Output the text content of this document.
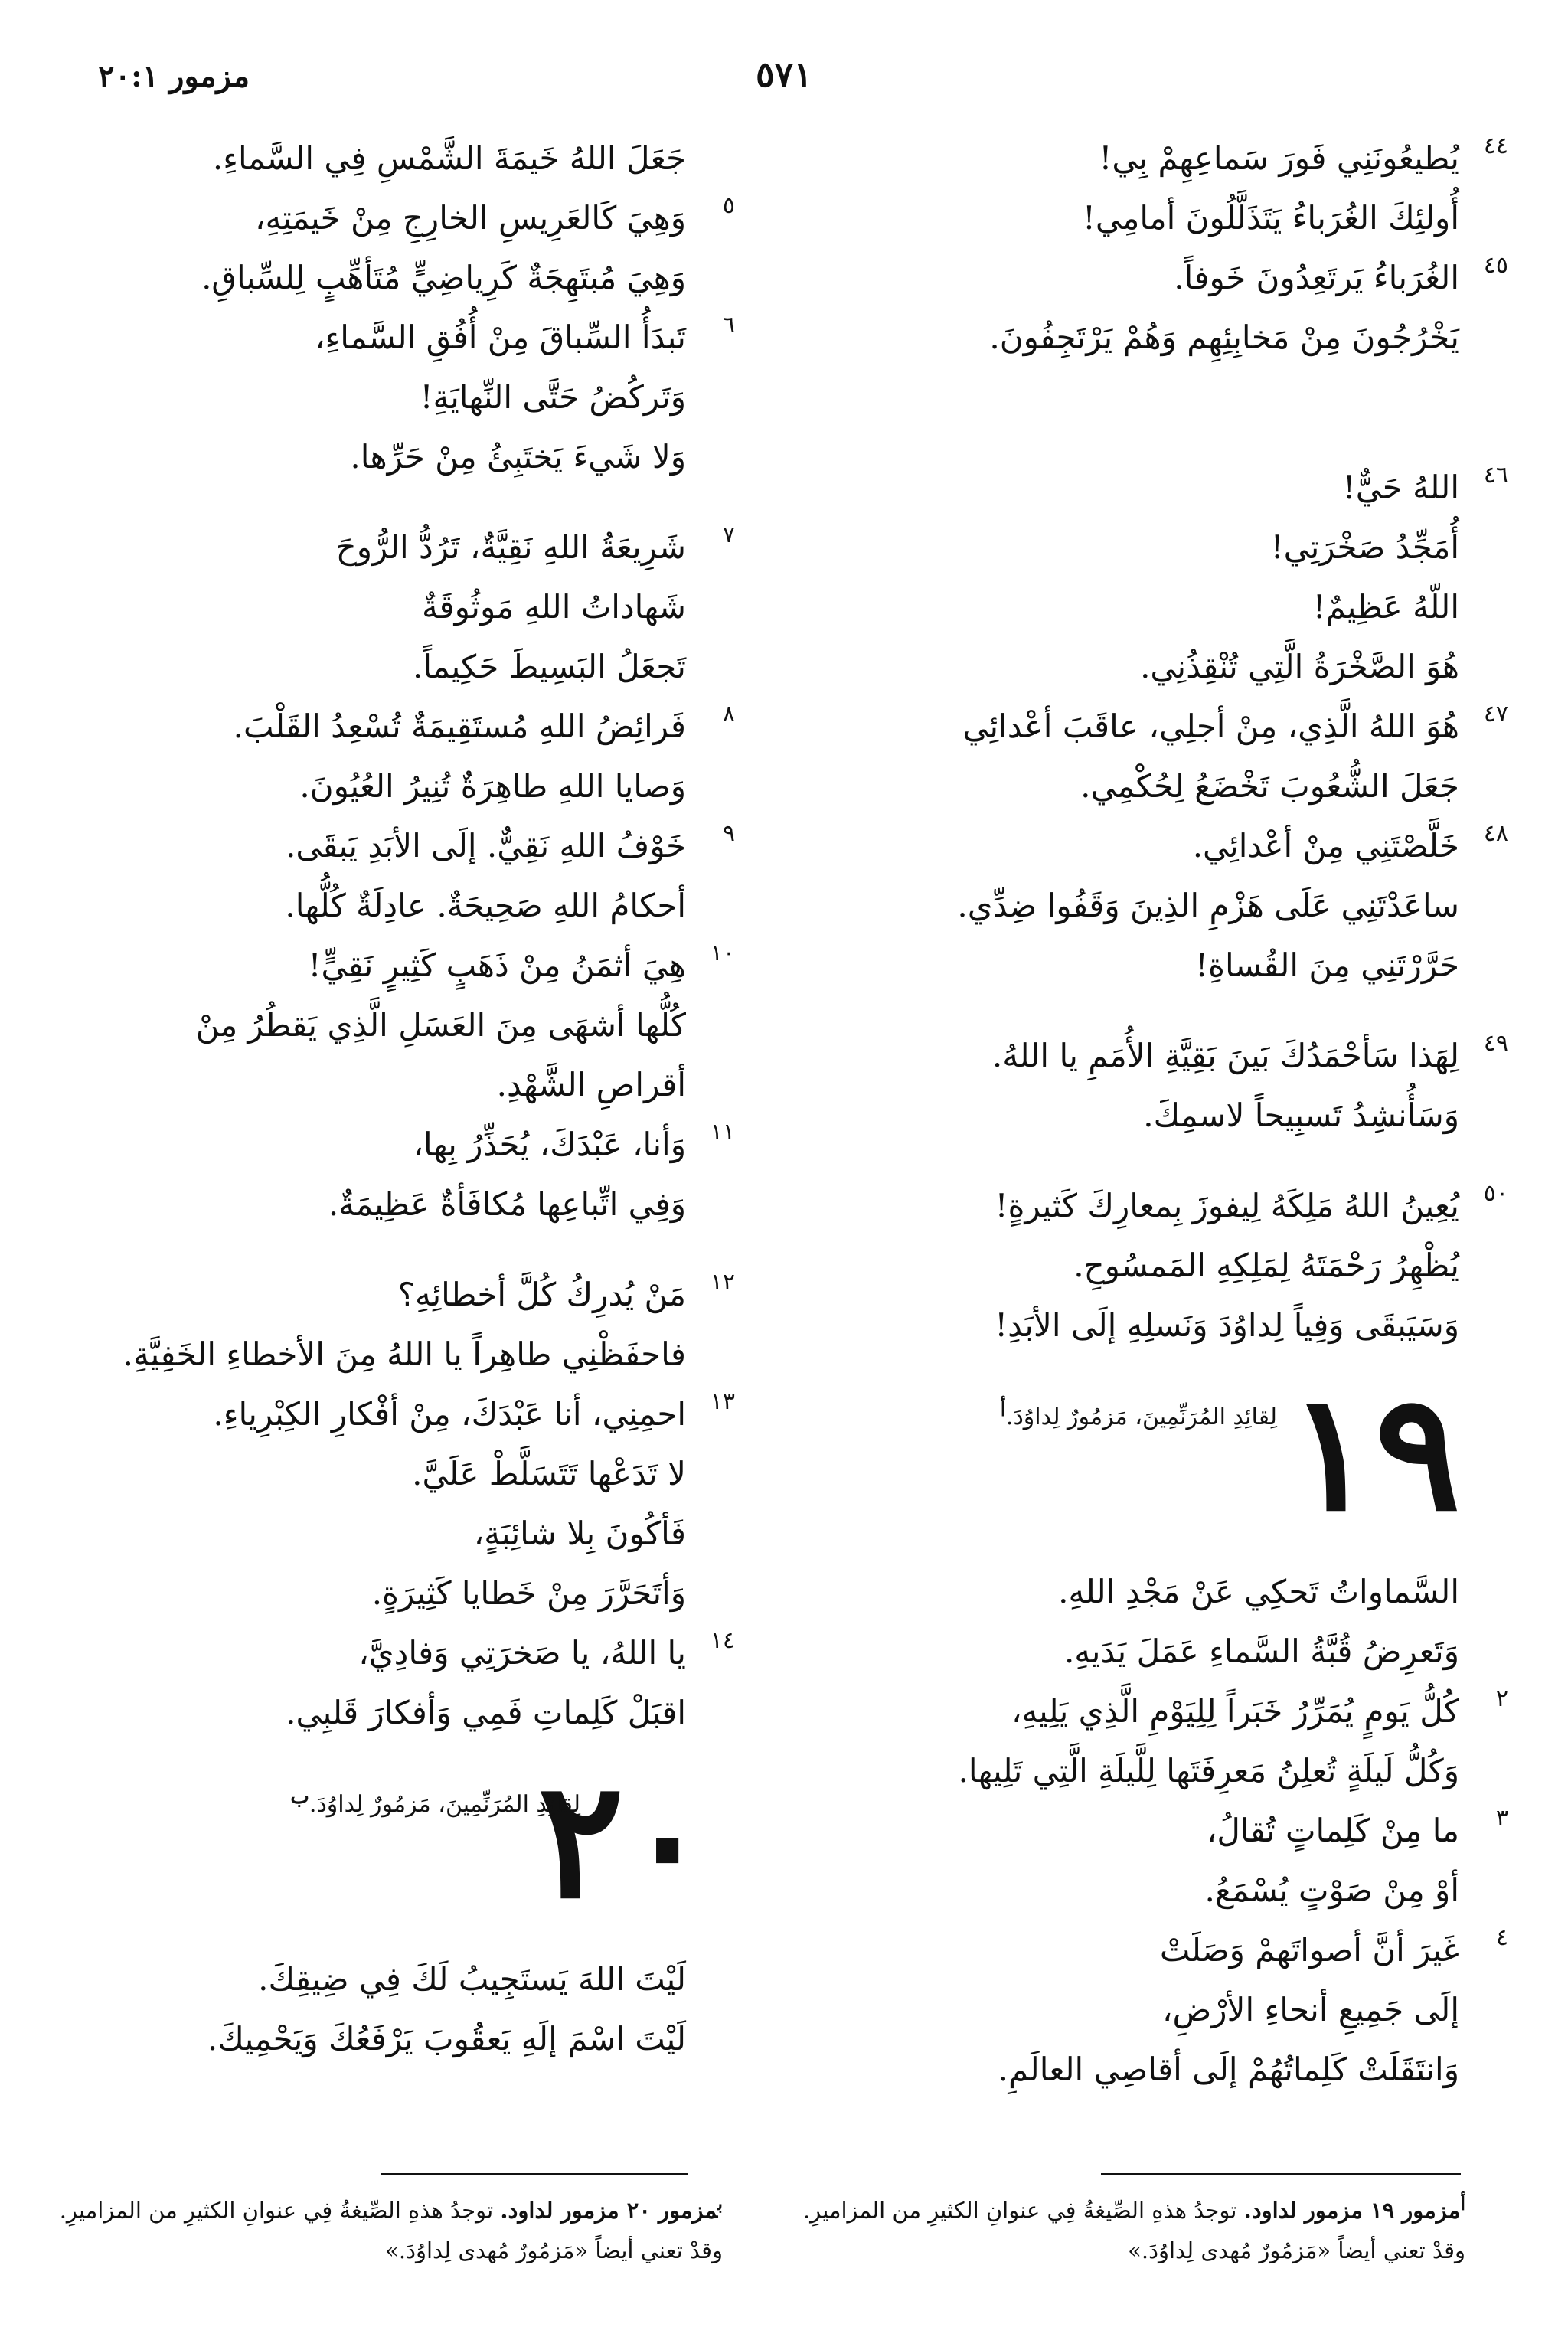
٥٧١
مزمور ٢٠:١
٤٤
يُطيعُونَنِي فَورَ سَماعِهِمْ بِي!
أُولئِكَ الغُرَباءُ يَتَذَلَّلُونَ أمامِي!
٤٥
الغُرَباءُ يَرتَعِدُونَ خَوفاً.
يَخْرُجُونَ مِنْ مَخابِئِهِم وَهُمْ يَرْتَجِفُونَ.
٤٦
اللهُ حَيٌّ!
أُمَجِّدُ صَخْرَتِي!
اللّهُ عَظِيمٌ!
هُوَ الصَّخْرَةُ الَّتِي تُنْقِذُنِي.
٤٧
هُوَ اللهُ الَّذِي، مِنْ أجلِي، عاقَبَ أعْدائِي
جَعَلَ الشُّعُوبَ تَخْضَعُ لِحُكْمِي.
٤٨
خَلَّصْتَنِي مِنْ أعْدائِي.
ساعَدْتَنِي عَلَى هَزْمِ الذِينَ وَقَفُوا ضِدِّي.
حَرَّرْتَنِي مِنَ القُساةِ!
٤٩
لِهَذا سَأحْمَدُكَ بَينَ بَقِيَّةِ الأُمَمِ يا اللهُ.
وَسَأُنشِدُ تَسبِيحاً لاسمِكَ.
٥٠
يُعِينُ اللهُ مَلِكَهُ لِيفوزَ بِمعارِكَ كَثيرةٍ!
يُظْهِرُ رَحْمَتَهُ لِمَلِكِهِ المَمسُوحِ.
وَسَيَبقَى وَفِياً لِداوُدَ وَنَسلِهِ إلَى الأبَدِ!
١٩
لِقائِدِ المُرَنِّمِينَ، مَزمُورٌ لِداوُدَ.$^أ$
السَّماواتُ تَحكِي عَنْ مَجْدِ اللهِ.
وَتَعرِضُ قُبَّةُ السَّماءِ عَمَلَ يَدَيهِ.
٢
كُلُّ يَومٍ يُمَرِّرُ خَبَراً لِلِيَوْمِ الَّذِي يَلِيهِ،
وَكُلُّ لَيلَةٍ تُعلِنُ مَعرِفَتَها لِلَّيلَةِ الَّتِي تَلِيها.
٣
ما مِنْ كَلِماتٍ تُقالُ،
أوْ مِنْ صَوْتٍ يُسْمَعُ.
٤
غَيرَ أنَّ أصواتَهمْ وَصَلَتْ
إلَى جَمِيعِ أنحاءِ الأرْضِ،
وَانتَقَلَتْ كَلِماتُهُمْ إلَى أقاصِي العالَمِ.
جَعَلَ اللهُ خَيمَةَ الشَّمْسِ فِي السَّماءِ.
٥
وَهِيَ كَالعَرِيسِ الخارِجِ مِنْ خَيمَتِهِ،
وَهِيَ مُبتَهِجَةٌ كَرِياضِيٍّ مُتَأهِّبٍ لِلسِّباقِ.
٦
تَبدَأُ السِّباقَ مِنْ أُفُقِ السَّماءِ،
وَتَركُضُ حَتَّى النِّهايَةِ!
وَلا شَيءَ يَختَبِئُ مِنْ حَرِّها.
٧
شَرِيعَةُ اللهِ نَقِيَّةٌ، تَرُدُّ الرُّوحَ
شَهاداتُ اللهِ مَوثُوقَةٌ
تَجعَلُ البَسِيطَ حَكِيماً.
٨
فَرائِضُ اللهِ مُستَقِيمَةٌ تُسْعِدُ القَلْبَ.
وَصايا اللهِ طاهِرَةٌ تُنِيرُ العُيُونَ.
٩
خَوْفُ اللهِ نَقِيٌّ. إلَى الأبَدِ يَبقَى.
أحكامُ اللهِ صَحِيحَةٌ. عادِلَةٌ كُلُّها.
١٠
هِيَ أثمَنُ مِنْ ذَهَبٍ كَثِيرٍ نَقِيٍّ!
كُلُّها أشهَى مِنَ العَسَلِ الَّذِي يَقطُرُ مِنْ
أقراصِ الشَّهْدِ.
١١
وَأنا، عَبْدَكَ، يُحَذِّرُ بِها،
وَفِي اتِّباعِها مُكافَأةٌ عَظِيمَةٌ.
١٢
مَنْ يُدرِكُ كُلَّ أخطائِهِ؟
فاحفَظْنِي طاهِراً يا اللهُ مِنَ الأخطاءِ الخَفِيَّةِ.
١٣
احمِنِي، أنا عَبْدَكَ، مِنْ أفْكارِ الكِبْرِياءِ.
لا تَدَعْها تَتَسَلَّطْ عَلَيَّ.
فَأكُونَ بِلا شائِبَةٍ،
وَأتَحَرَّرَ مِنْ خَطايا كَثِيرَةٍ.
١٤
يا اللهُ، يا صَخرَتِي وَفادِيَّ،
اقبَلْ كَلِماتِ فَمِي وَأفكارَ قَلبِي.
٢٠
لِقائِدِ المُرَنِّمِينَ، مَزمُورٌ لِداوُدَ.$^ب$
لَيْتَ اللهَ يَستَجِيبُ لَكَ فِي ضِيقِكَ.
لَيْتَ اسْمَ إلَهِ يَعقُوبَ يَرْفَعُكَ وَيَحْمِيكَ.
$^أ$مزمور ١٩ مزمور لداود. توجدُ هذهِ الصِّيغةُ فِي عنوانِ الكثيرِ من المزاميرِ. وقدْ تعني أيضاً «مَزمُورٌ مُهدى لِداوُدَ.»
$^ب$مزمور ٢٠ مزمور لداود. توجدُ هذهِ الصِّيغةُ فِي عنوانِ الكثيرِ من المزاميرِ. وقدْ تعني أيضاً «مَزمُورٌ مُهدى لِداوُدَ.»
